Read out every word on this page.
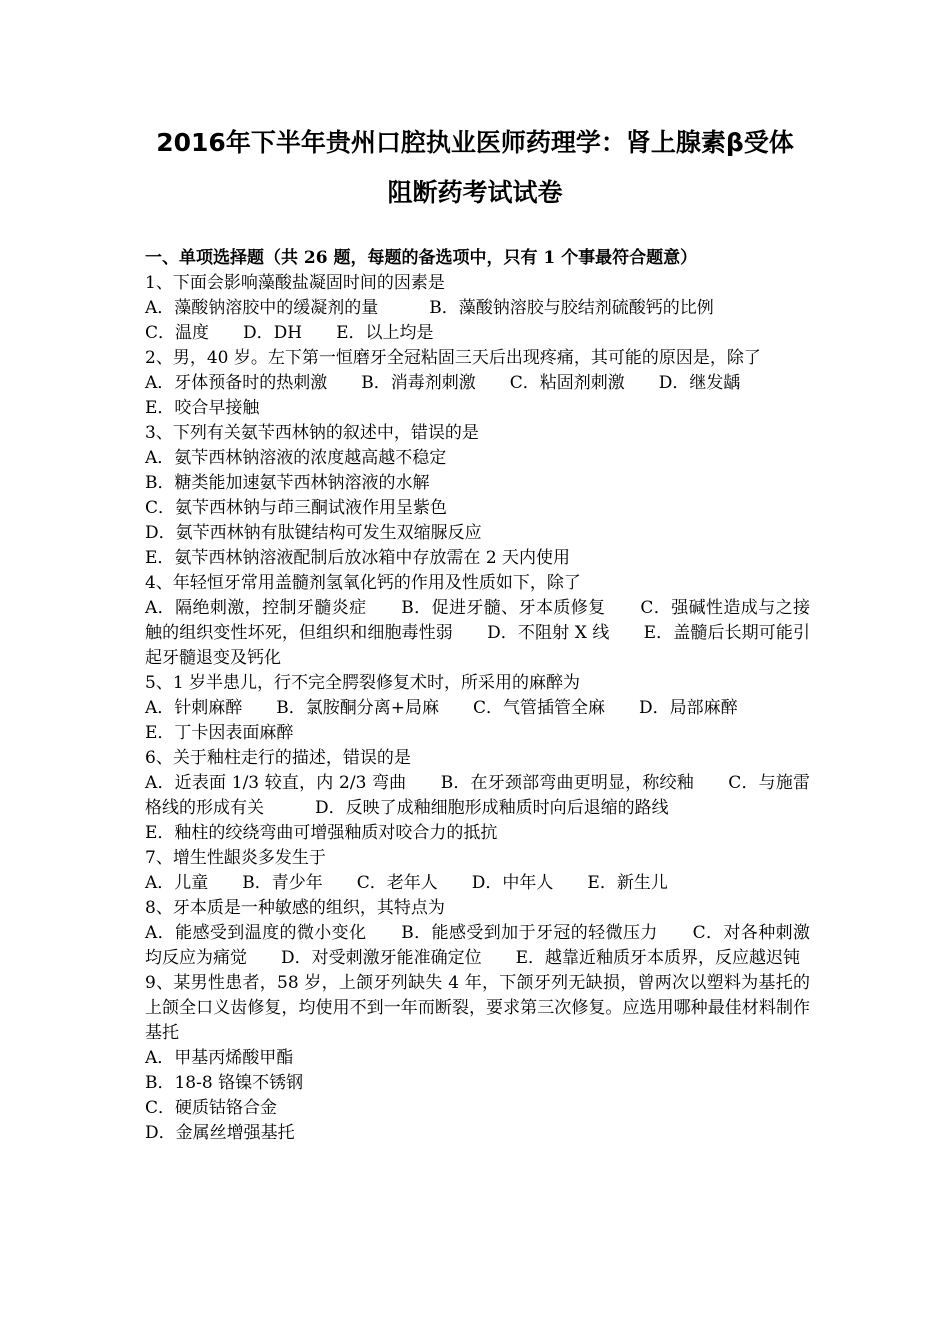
2016年下半年贵州口腔执业医师药理学：肾上腺素β受体
阻断药考试试卷
一、单项选择题（共 26 题，每题的备选项中，只有 1 个事最符合题意）
1、下面会影响藻酸盐凝固时间的因素是
A．藻酸钠溶胶中的缓凝剂的量　　　B．藻酸钠溶胶与胶结剂硫酸钙的比例
C．温度　　D．DH　　E．以上均是
2、男，40 岁。左下第一恒磨牙全冠粘固三天后出现疼痛，其可能的原因是，除了
A．牙体预备时的热刺激　　B．消毒剂刺激　　C．粘固剂刺激　　D．继发龋
E．咬合早接触
3、下列有关氨苄西林钠的叙述中，错误的是
A．氨苄西林钠溶液的浓度越高越不稳定
B．糖类能加速氨苄西林钠溶液的水解
C．氨苄西林钠与茚三酮试液作用呈紫色
D．氨苄西林钠有肽键结构可发生双缩脲反应
E．氨苄西林钠溶液配制后放冰箱中存放需在 2 天内使用
4、年轻恒牙常用盖髓剂氢氧化钙的作用及性质如下，除了
A．隔绝刺激，控制牙髓炎症　　B．促进牙髓、牙本质修复　　C．强碱性造成与之接触的组织变性坏死，但组织和细胞毒性弱　　D．不阻射 X 线　　E．盖髓后长期可能引起牙髓退变及钙化
5、1 岁半患儿，行不完全腭裂修复术时，所采用的麻醉为
A．针刺麻醉　　B．氯胺酮分离+局麻　　C．气管插管全麻　　D．局部麻醉
E．丁卡因表面麻醉
6、关于釉柱走行的描述，错误的是
A．近表面 1/3 较直，内 2/3 弯曲　　B．在牙颈部弯曲更明显，称绞釉　　C．与施雷格线的形成有关　　　D．反映了成釉细胞形成釉质时向后退缩的路线
E．釉柱的绞绕弯曲可增强釉质对咬合力的抵抗
7、增生性龈炎多发生于
A．儿童　　B．青少年　　C．老年人　　D．中年人　　E．新生儿
8、牙本质是一种敏感的组织，其特点为
A．能感受到温度的微小变化　　B．能感受到加于牙冠的轻微压力　　C．对各种刺激均反应为痛觉　　D．对受刺激牙能准确定位　　E．越靠近釉质牙本质界，反应越迟钝
9、某男性患者，58 岁，上颌牙列缺失 4 年，下颌牙列无缺损，曾两次以塑料为基托的上颌全口义齿修复，均使用不到一年而断裂，要求第三次修复。应选用哪种最佳材料制作基托
A．甲基丙烯酸甲酯
B．18-8 铬镍不锈钢
C．硬质钴铬合金
D．金属丝增强基托
